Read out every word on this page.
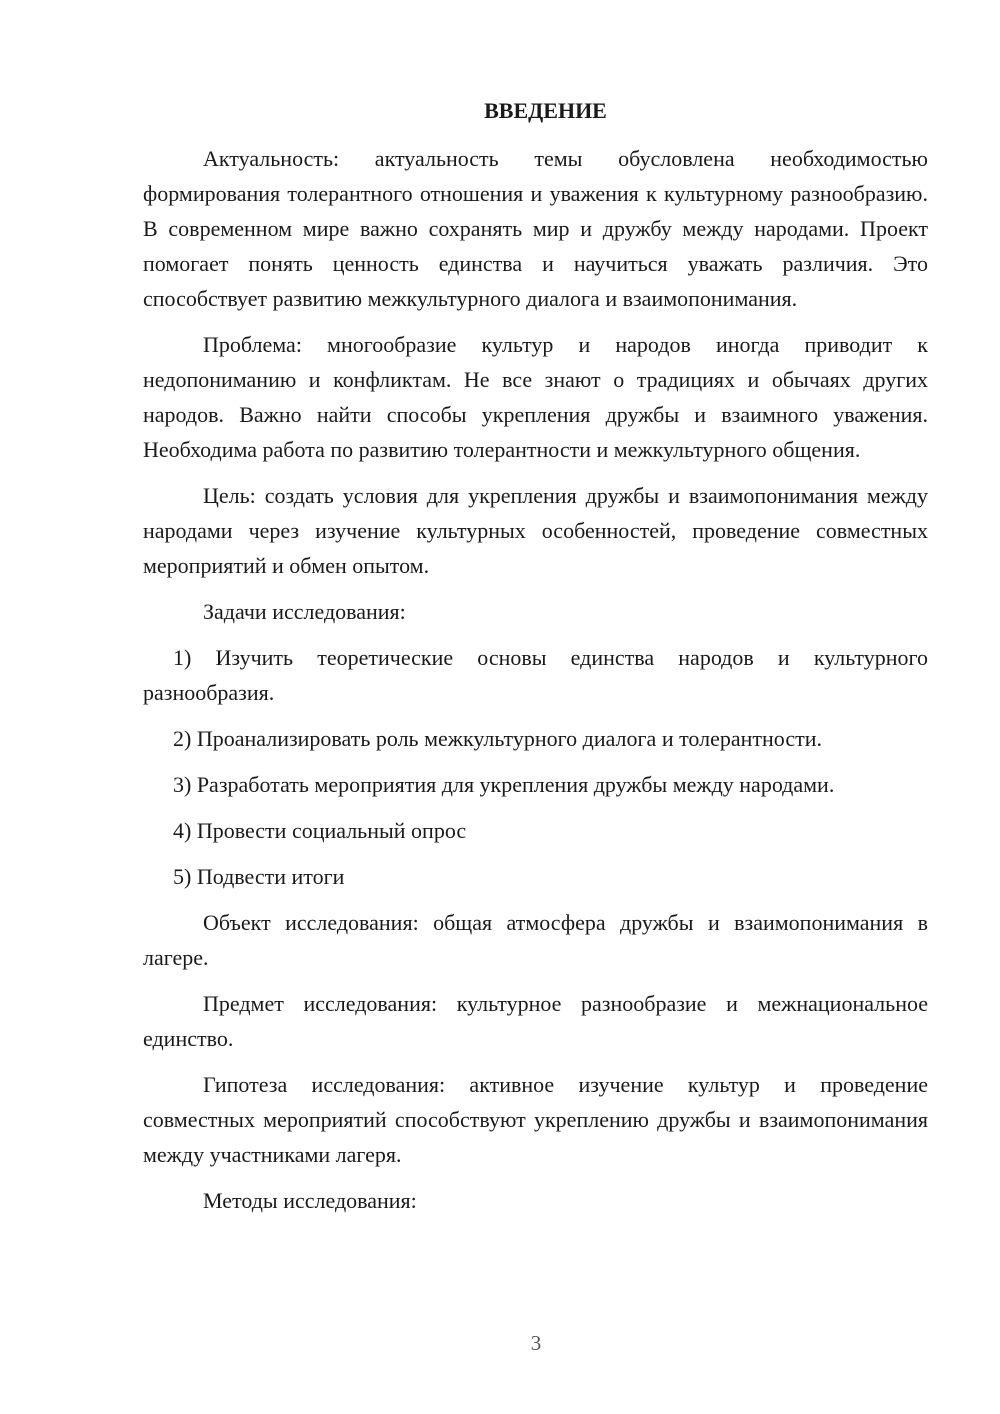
ВВЕДЕНИЕ

Актуальность: актуальность темы обусловлена необходимостью формирования толерантного отношения и уважения к культурному разнообразию. В современном мире важно сохранять мир и дружбу между народами. Проект помогает понять ценность единства и научиться уважать различия. Это способствует развитию межкультурного диалога и взаимопонимания.

Проблема: многообразие культур и народов иногда приводит к недопониманию и конфликтам. Не все знают о традициях и обычаях других народов. Важно найти способы укрепления дружбы и взаимного уважения. Необходима работа по развитию толерантности и межкультурного общения.

Цель: создать условия для укрепления дружбы и взаимопонимания между народами через изучение культурных особенностей, проведение совместных мероприятий и обмен опытом.

Задачи исследования:

1) Изучить теоретические основы единства народов и культурного разнообразия.
2) Проанализировать роль межкультурного диалога и толерантности.
3) Разработать мероприятия для укрепления дружбы между народами.
4) Провести социальный опрос
5) Подвести итоги

Объект исследования: общая атмосфера дружбы и взаимопонимания в лагере.

Предмет исследования: культурное разнообразие и межнациональное единство.

Гипотеза исследования: активное изучение культур и проведение совместных мероприятий способствуют укреплению дружбы и взаимопонимания между участниками лагеря.

Методы исследования:

3
